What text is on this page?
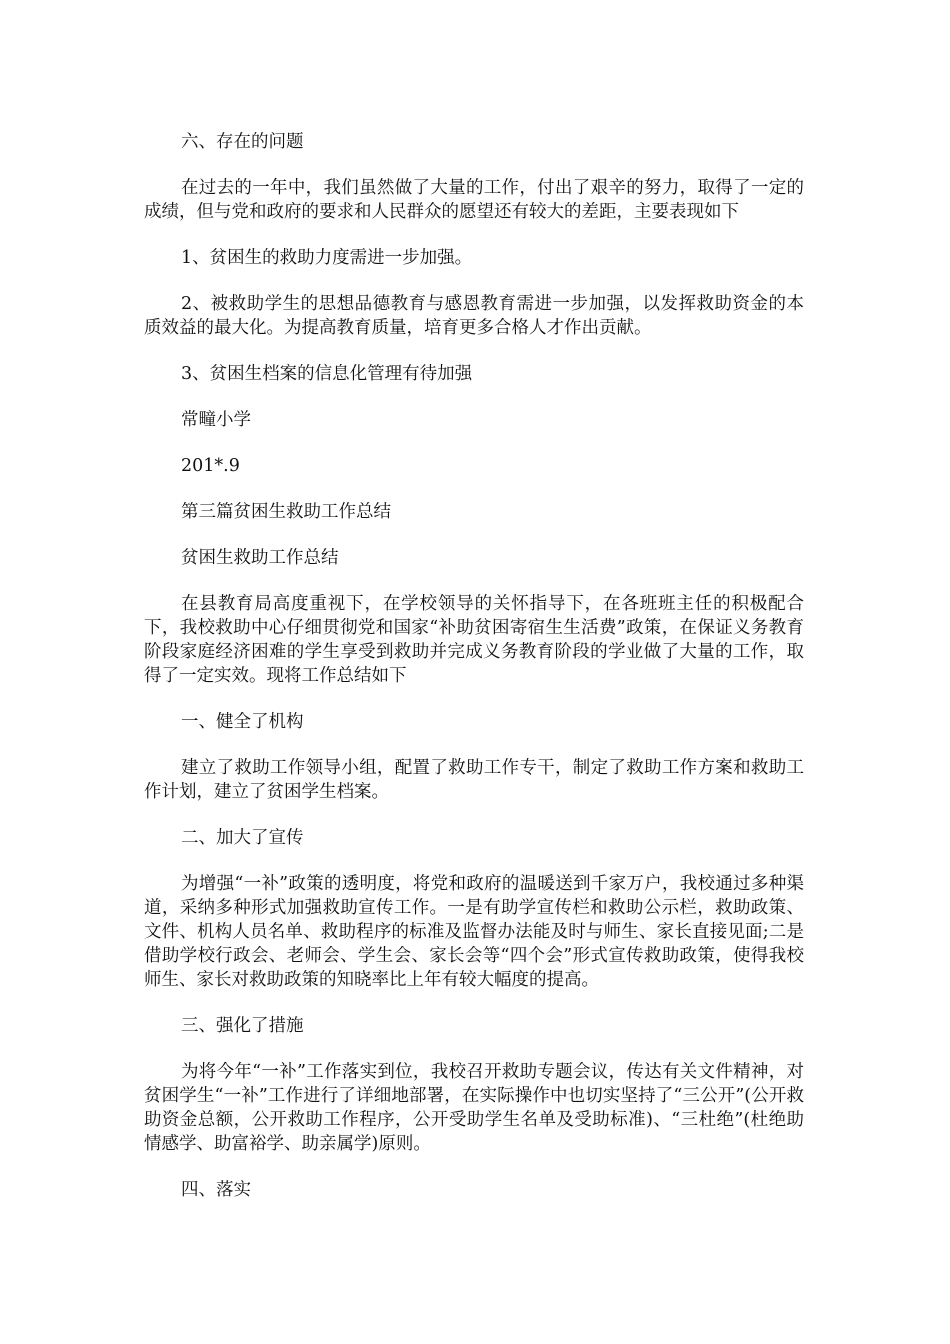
六、存在的问题

在过去的一年中，我们虽然做了大量的工作，付出了艰辛的努力，取得了一定的成绩，但与党和政府的要求和人民群众的愿望还有较大的差距，主要表现如下

1、贫困生的救助力度需进一步加强。

2、被救助学生的思想品德教育与感恩教育需进一步加强，以发挥救助资金的本质效益的最大化。为提高教育质量，培育更多合格人才作出贡献。

3、贫困生档案的信息化管理有待加强

常疃小学

201*.9

第三篇贫困生救助工作总结

贫困生救助工作总结

在县教育局高度重视下，在学校领导的关怀指导下，在各班班主任的积极配合下，我校救助中心仔细贯彻党和国家“补助贫困寄宿生生活费”政策，在保证义务教育阶段家庭经济困难的学生享受到救助并完成义务教育阶段的学业做了大量的工作，取得了一定实效。现将工作总结如下

一、健全了机构

建立了救助工作领导小组，配置了救助工作专干，制定了救助工作方案和救助工作计划，建立了贫困学生档案。

二、加大了宣传

为增强“一补”政策的透明度，将党和政府的温暖送到千家万户，我校通过多种渠道，采纳多种形式加强救助宣传工作。一是有助学宣传栏和救助公示栏，救助政策、文件、机构人员名单、救助程序的标准及监督办法能及时与师生、家长直接见面;二是借助学校行政会、老师会、学生会、家长会等“四个会”形式宣传救助政策，使得我校师生、家长对救助政策的知晓率比上年有较大幅度的提高。

三、强化了措施

为将今年“一补”工作落实到位，我校召开救助专题会议，传达有关文件精神，对贫困学生“一补”工作进行了详细地部署，在实际操作中也切实坚持了“三公开”(公开救助资金总额，公开救助工作程序，公开受助学生名单及受助标准)、“三杜绝”(杜绝助情感学、助富裕学、助亲属学)原则。

四、落实
